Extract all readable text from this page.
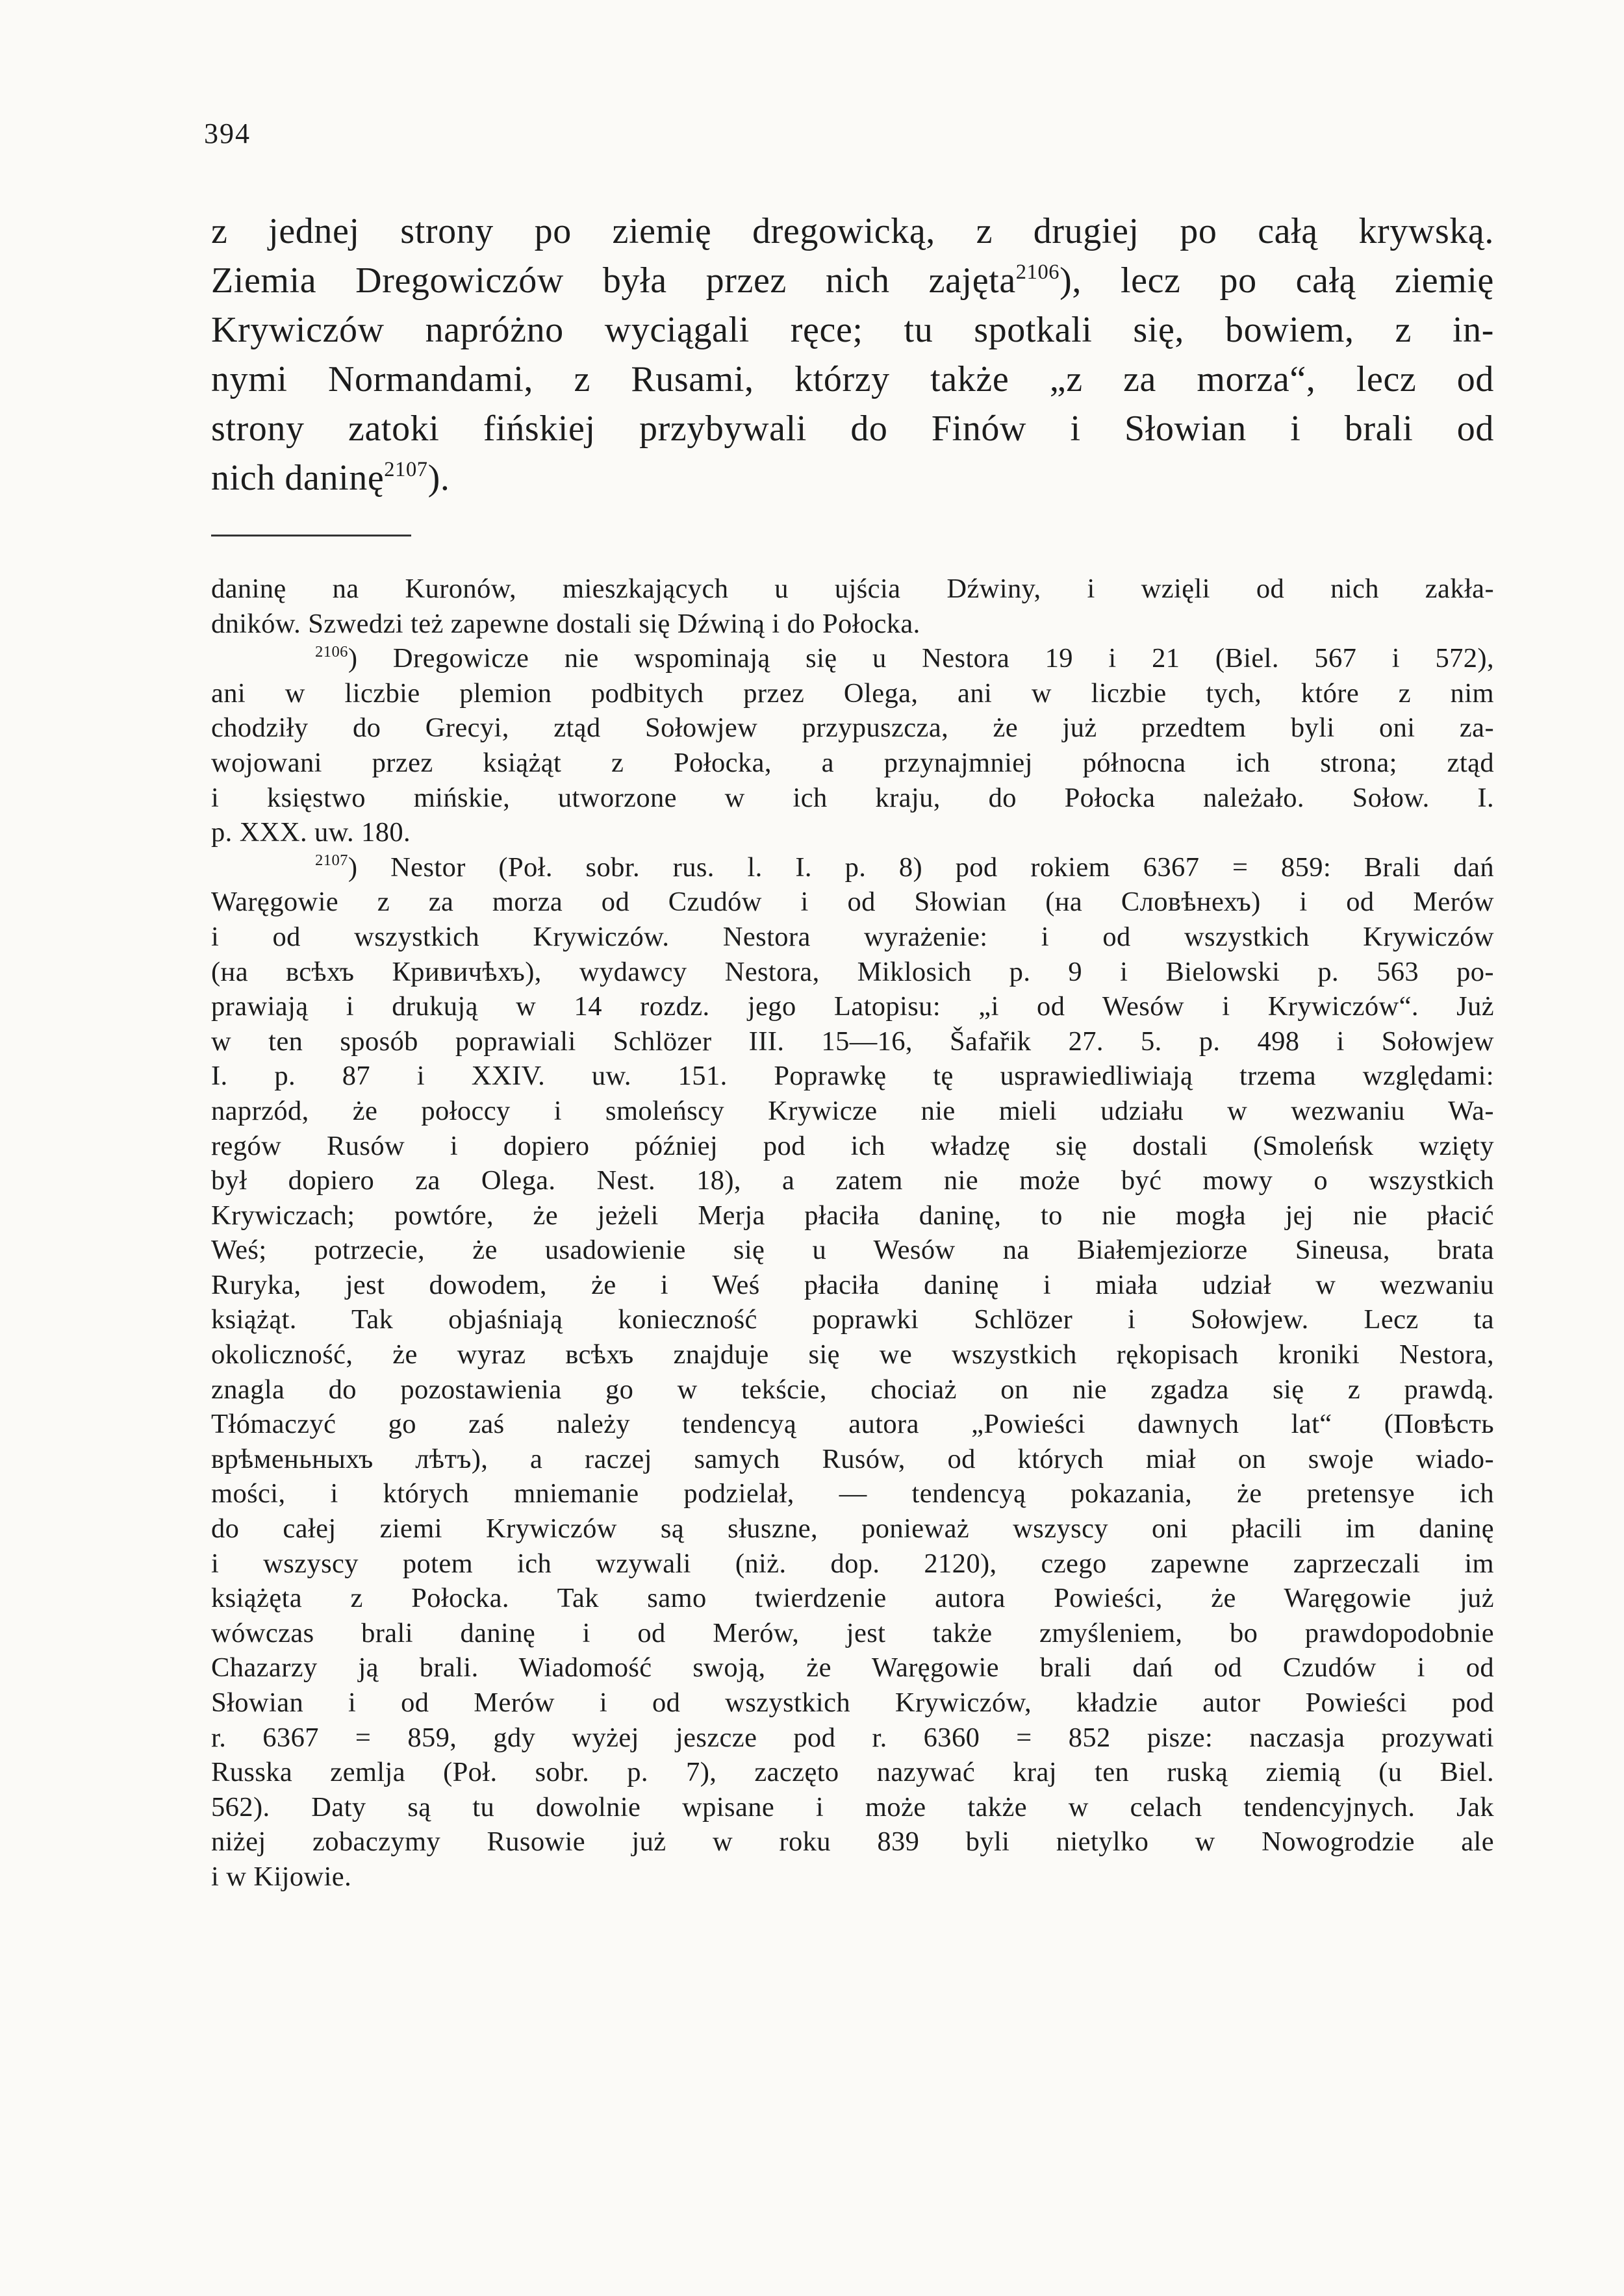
394
z jednej strony po ziemię dregowicką, z drugiej po całą krywską.
Ziemia Dregowiczów była przez nich zajęta$^{2106}$), lecz po całą ziemię
Krywiczów napróżno wyciągali ręce; tu spotkali się, bowiem, z in-
nymi Normandami, z Rusami, którzy także „z za morza“, lecz od
strony zatoki fińskiej przybywali do Finów i Słowian i brali od
nich daninę$^{2107}$).
daninę na Kuronów, mieszkających u ujścia Dźwiny, i wzięli od nich zakła-
dników. Szwedzi też zapewne dostali się Dźwiną i do Połocka.
$^{2106}$) Dregowicze nie wspominają się u Nestora 19 i 21 (Biel. 567 i 572),
ani w liczbie plemion podbitych przez Olega, ani w liczbie tych, które z nim
chodziły do Grecyi, ztąd Sołowjew przypuszcza, że już przedtem byli oni za-
wojowani przez książąt z Połocka, a przynajmniej północna ich strona; ztąd
i księstwo mińskie, utworzone w ich kraju, do Połocka należało. Sołow. I.
p. XXX. uw. 180.
$^{2107}$) Nestor (Poł. sobr. rus. l. I. p. 8) pod rokiem 6367 = 859: Brali dań
Waręgowie z za morza od Czudów i od Słowian (на Словѣнехъ) i od Merów
i od wszystkich Krywiczów. Nestora wyrażenie: i od wszystkich Krywiczów
(на всѣхъ Кривичѣхъ), wydawcy Nestora, Miklosich p. 9 i Bielowski p. 563 po-
prawiają i drukują w 14 rozdz. jego Latopisu: „i od Wesów i Krywiczów“. Już
w ten sposób poprawiali Schlözer III. 15—16, Šafařik 27. 5. p. 498 i Sołowjew
I. p. 87 i XXIV. uw. 151. Poprawkę tę usprawiedliwiają trzema względami:
naprzód, że połoccy i smoleńscy Krywicze nie mieli udziału w wezwaniu Wa-
regów Rusów i dopiero później pod ich władzę się dostali (Smoleńsk wzięty
był dopiero za Olega. Nest. 18), a zatem nie może być mowy o wszystkich
Krywiczach; powtóre, że jeżeli Merja płaciła daninę, to nie mogła jej nie płacić
Weś; potrzecie, że usadowienie się u Wesów na Białemjeziorze Sineusa, brata
Ruryka, jest dowodem, że i Weś płaciła daninę i miała udział w wezwaniu
książąt. Tak objaśniają konieczność poprawki Schlözer i Sołowjew. Lecz ta
okoliczność, że wyraz всѣхъ znajduje się we wszystkich rękopisach kroniki Nestora,
znagla do pozostawienia go w tekście, chociaż on nie zgadza się z prawdą.
Tłómaczyć go zaś należy tendencyą autora „Powieści dawnych lat“ (Повѣсть
врѣменьныхъ лѣтъ), a raczej samych Rusów, od których miał on swoje wiado-
mości, i których mniemanie podzielał, — tendencyą pokazania, że pretensye ich
do całej ziemi Krywiczów są słuszne, ponieważ wszyscy oni płacili im daninę
i wszyscy potem ich wzywali (niż. dop. 2120), czego zapewne zaprzeczali im
książęta z Połocka. Tak samo twierdzenie autora Powieści, że Waręgowie już
wówczas brali daninę i od Merów, jest także zmyśleniem, bo prawdopodobnie
Chazarzy ją brali. Wiadomość swoją, że Waręgowie brali dań od Czudów i od
Słowian i od Merów i od wszystkich Krywiczów, kładzie autor Powieści pod
r. 6367 = 859, gdy wyżej jeszcze pod r. 6360 = 852 pisze: naczasja prozywati
Russka zemlja (Poł. sobr. p. 7), zaczęto nazywać kraj ten ruską ziemią (u Biel.
562). Daty są tu dowolnie wpisane i może także w celach tendencyjnych. Jak
niżej zobaczymy Rusowie już w roku 839 byli nietylko w Nowogrodzie ale
i w Kijowie.
